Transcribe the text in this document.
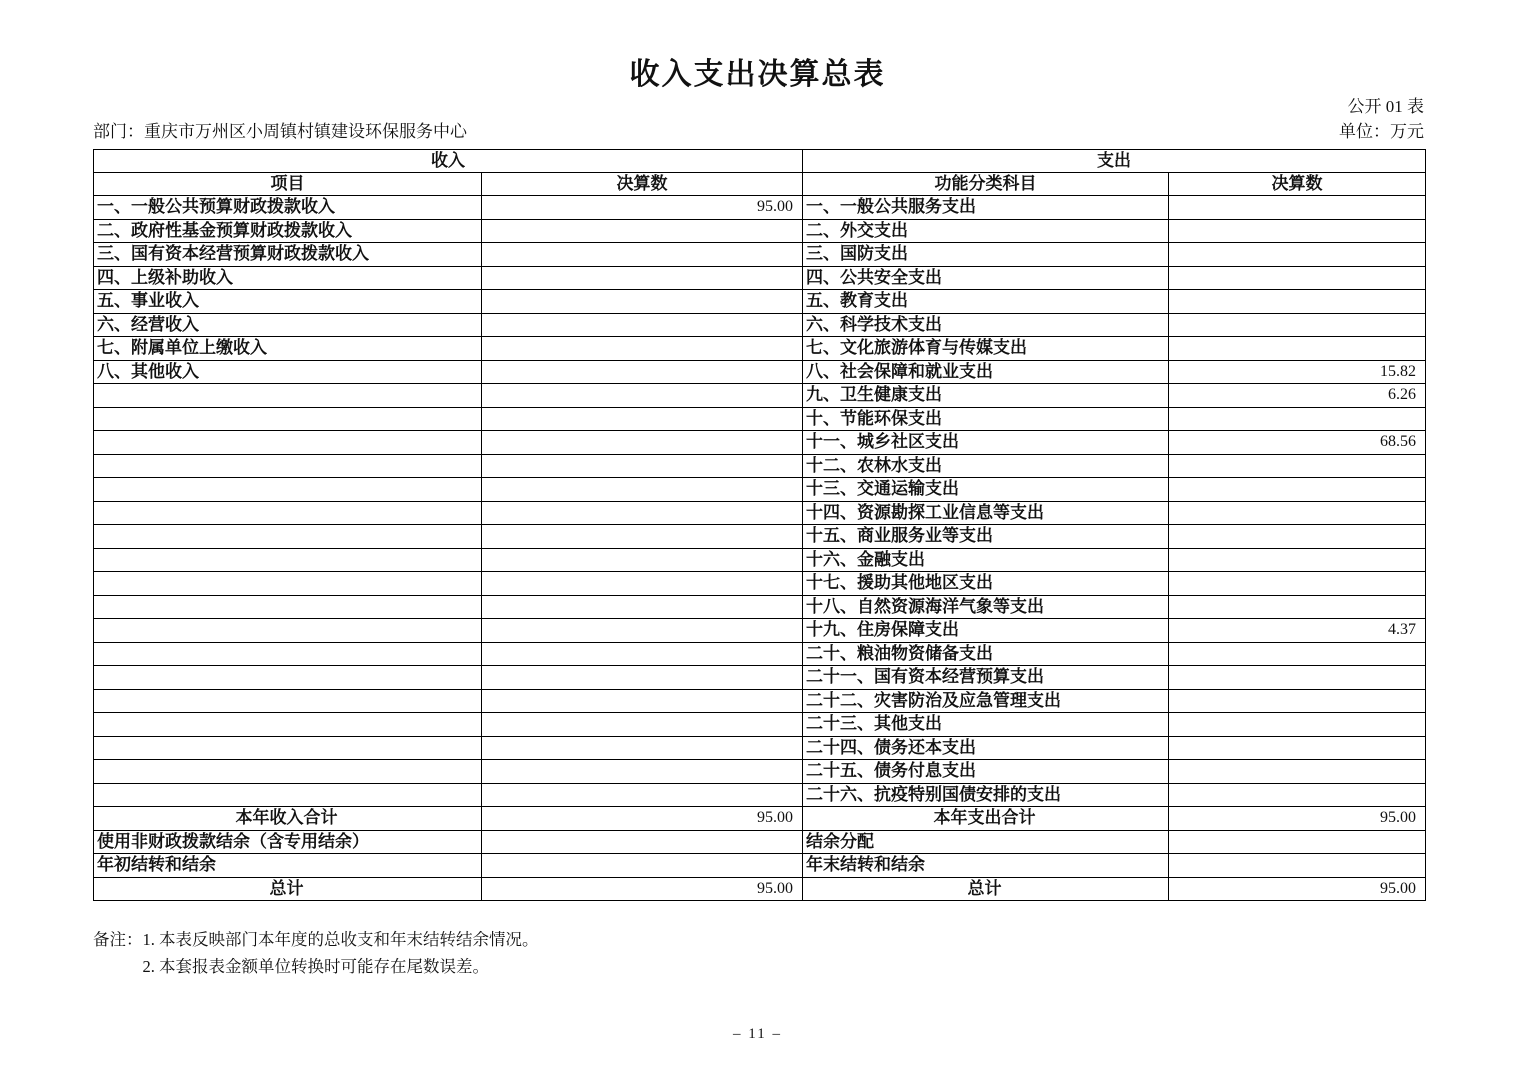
收入支出决算总表
公开 01 表
部门：重庆市万州区小周镇村镇建设环保服务中心	单位：万元
收入		支出	
项目	决算数	功能分类科目	决算数
一、一般公共预算财政拨款收入	95.00	一、一般公共服务支出	
二、政府性基金预算财政拨款收入		二、外交支出	
三、国有资本经营预算财政拨款收入		三、国防支出	
四、上级补助收入		四、公共安全支出	
五、事业收入		五、教育支出	
六、经营收入		六、科学技术支出	
七、附属单位上缴收入		七、文化旅游体育与传媒支出	
八、其他收入		八、社会保障和就业支出	15.82
		九、卫生健康支出	6.26
		十、节能环保支出	
		十一、城乡社区支出	68.56
		十二、农林水支出	
		十三、交通运输支出	
		十四、资源勘探工业信息等支出	
		十五、商业服务业等支出	
		十六、金融支出	
		十七、援助其他地区支出	
		十八、自然资源海洋气象等支出	
		十九、住房保障支出	4.37
		二十、粮油物资储备支出	
		二十一、国有资本经营预算支出	
		二十二、灾害防治及应急管理支出	
		二十三、其他支出	
		二十四、债务还本支出	
		二十五、债务付息支出	
		二十六、抗疫特别国债安排的支出	
本年收入合计	95.00	本年支出合计	95.00
使用非财政拨款结余（含专用结余）		结余分配	
年初结转和结余		年末结转和结余	
总计	95.00	总计	95.00
备注： 1. 本表反映部门本年度的总收支和年末结转结余情况。
2. 本套报表金额单位转换时可能存在尾数误差。
– 11 –
